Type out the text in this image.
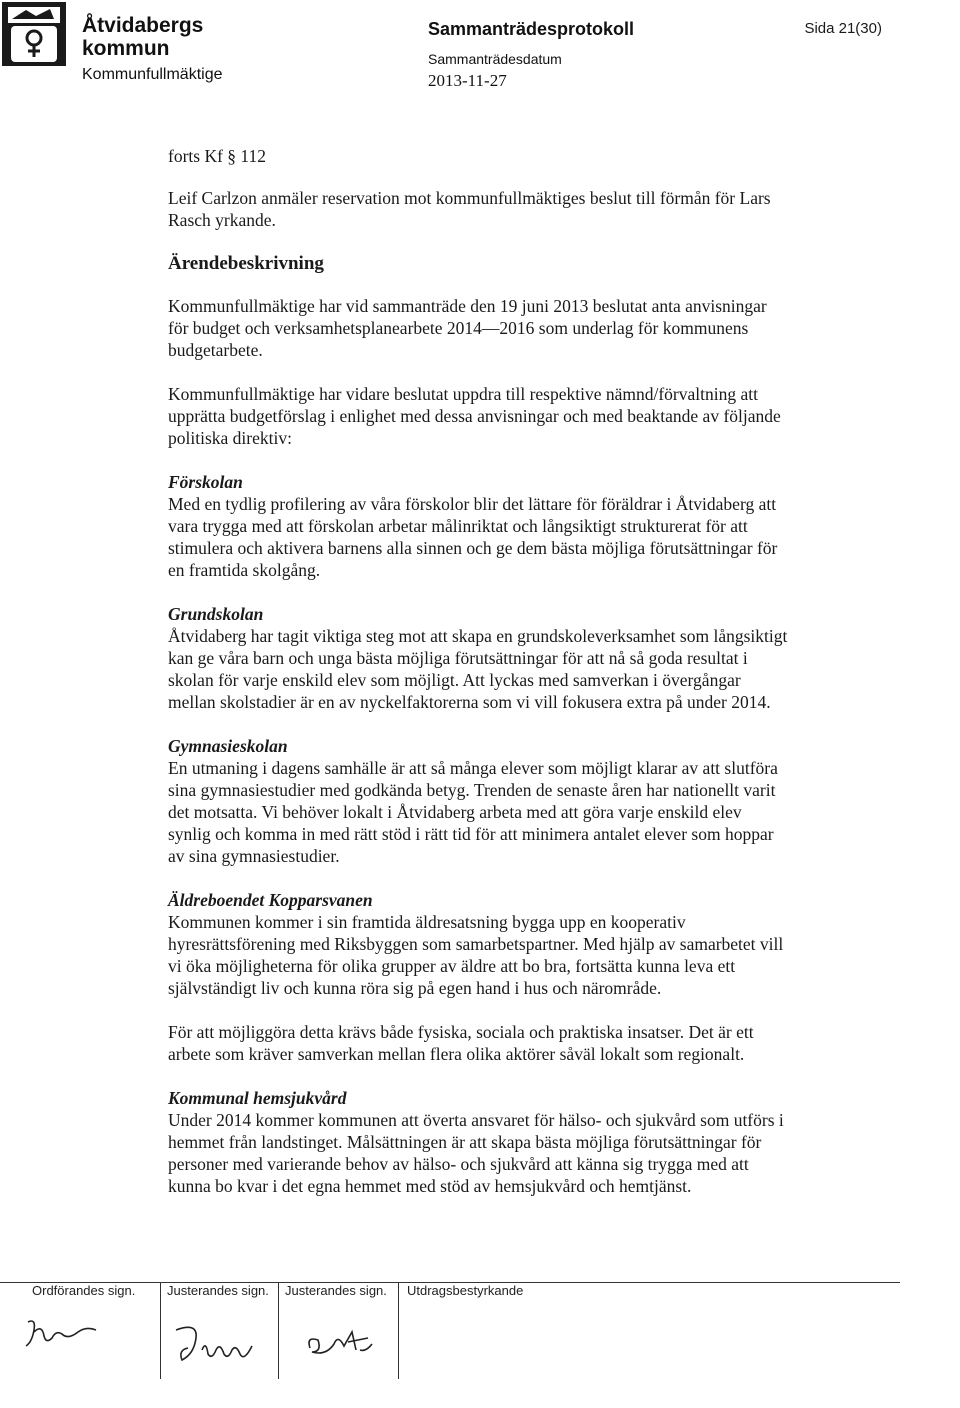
Åtvidabergs
kommun
Kommunfullmäktige
Sammanträdesprotokoll
Sammanträdesdatum
2013-11-27
Sida 21(30)

forts Kf § 112

Leif Carlzon anmäler reservation mot kommunfullmäktiges beslut till förmån för Lars Rasch yrkande.

Ärendebeskrivning

Kommunfullmäktige har vid sammanträde den 19 juni 2013 beslutat anta anvisningar för budget och verksamhetsplanearbete 2014—2016 som underlag för kommunens budgetarbete.

Kommunfullmäktige har vidare beslutat uppdra till respektive nämnd/förvaltning att upprätta budgetförslag i enlighet med dessa anvisningar och med beaktande av följande politiska direktiv:

Förskolan

Med en tydlig profilering av våra förskolor blir det lättare för föräldrar i Åtvidaberg att vara trygga med att förskolan arbetar målinriktat och långsiktigt strukturerat för att stimulera och aktivera barnens alla sinnen och ge dem bästa möjliga förutsättningar för en framtida skolgång.

Grundskolan

Åtvidaberg har tagit viktiga steg mot att skapa en grundskoleverksamhet som långsiktigt kan ge våra barn och unga bästa möjliga förutsättningar för att nå så goda resultat i skolan för varje enskild elev som möjligt. Att lyckas med samverkan i övergångar mellan skolstadier är en av nyckelfaktorerna som vi vill fokusera extra på under 2014.

Gymnasieskolan

En utmaning i dagens samhälle är att så många elever som möjligt klarar av att slutföra sina gymnasiestudier med godkända betyg. Trenden de senaste åren har nationellt varit det motsatta. Vi behöver lokalt i Åtvidaberg arbeta med att göra varje enskild elev synlig och komma in med rätt stöd i rätt tid för att minimera antalet elever som hoppar av sina gymnasiestudier.

Äldreboendet Kopparsvanen

Kommunen kommer i sin framtida äldresatsning bygga upp en kooperativ hyresrättsförening med Riksbyggen som samarbetspartner. Med hjälp av samarbetet vill vi öka möjligheterna för olika grupper av äldre att bo bra, fortsätta kunna leva ett självständigt liv och kunna röra sig på egen hand i hus och närområde.

För att möjliggöra detta krävs både fysiska, sociala och praktiska insatser. Det är ett arbete som kräver samverkan mellan flera olika aktörer såväl lokalt som regionalt.

Kommunal hemsjukvård

Under 2014 kommer kommunen att överta ansvaret för hälso- och sjukvård som utförs i hemmet från landstinget. Målsättningen är att skapa bästa möjliga förutsättningar för personer med varierande behov av hälso- och sjukvård att känna sig trygga med att kunna bo kvar i det egna hemmet med stöd av hemsjukvård och hemtjänst.

Ordförandes sign.	Justerandes sign.	Justerandes sign.	Utdragsbestyrkande
